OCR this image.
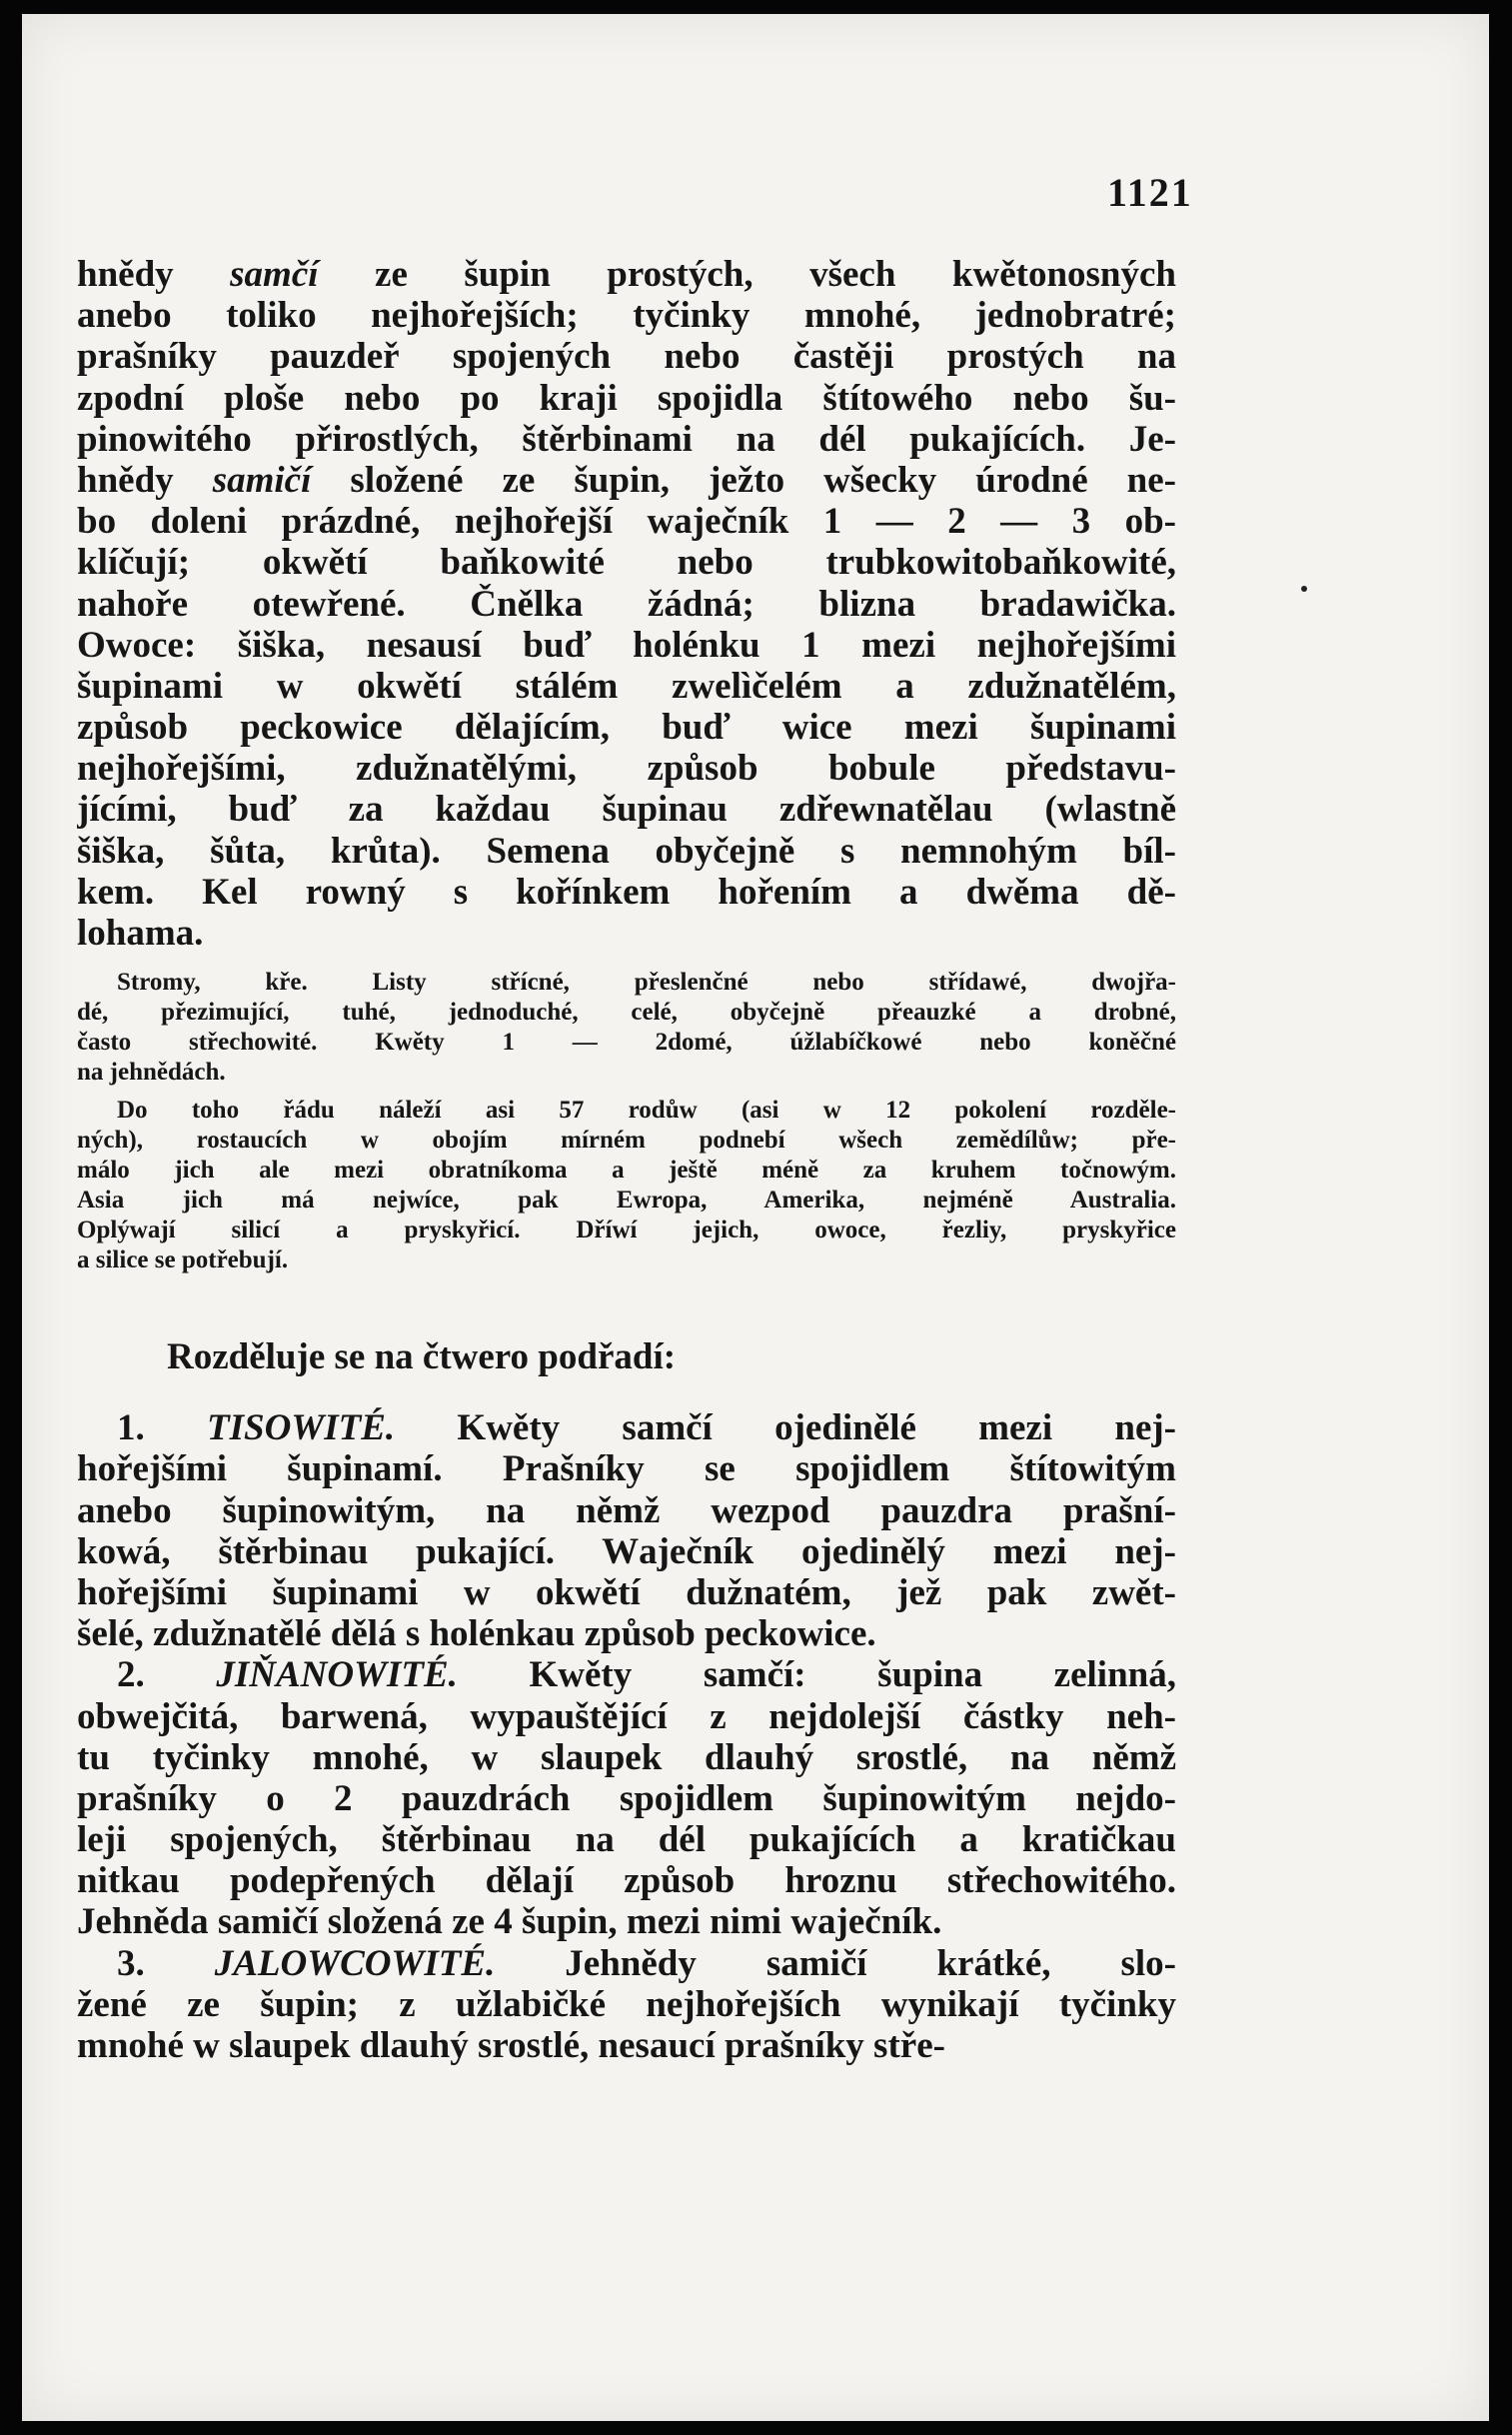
1121
hnědy samčí ze šupin prostých, všech kwětonosných
anebo toliko nejhořejších; tyčinky mnohé, jednobratré;
prašníky pauzdeř spojených nebo častěji prostých na
zpodní ploše nebo po kraji spojidla štítowého nebo šu-
pinowitého přirostlých, štěrbinami na dél pukajících. Je-
hnědy samičí složené ze šupin, ježto wšecky úrodné ne-
bo doleni prázdné, nejhořejší wаječník 1 — 2 — 3 ob-
klíčují; okwětí baňkowité nebo trubkowitobaňkowité,
nahoře otewřené. Čnělka žádná; blizna bradawička.
Owoce: šiška, nesausí buď holénku 1 mezi nejhořejšími
šupinami w okwětí stálém zwelìčelém a zdužnatělém,
způsob peckowice dělajícím, buď wice mezi šupinami
nejhořejšími, zdužnatělými, způsob bobule představu-
jícími, buď za každau šupinau zdřewnatělau (wlastně
šiška, šůta, krůta). Semena obyčejně s nemnohým bíl-
kem. Kel rowný s kořínkem hořením a dwěma dě-
lohama.
Stromy, kře. Listy střícné, přeslenčné nebo střídawé, dwojřa-
dé, přezimující, tuhé, jednoduché, celé, obyčejně přeauzké a drobné,
často střechowité. Kwěty 1 — 2domé, úžlabíčkowé nebo koněčné
na jehnědách.
Do toho řádu náleží asi 57 rodůw (asi w 12 pokolení rozděle-
ných), rostaucích w obojím mírném podnebí wšech zemědílůw; pře-
málo jich ale mezi obratníkoma a ještě méně za kruhem točnowým.
Asia jich má nejwíce, pak Ewropa, Amerika, nejméně Australia.
Oplýwají silicí a pryskyřicí. Dříwí jejich, owoce, řezliy, pryskyřice
a silice se potřebují.
Rozděluje se na čtwero podřadí:
1. TISOWITÉ. Kwěty samčí ojedinělé mezi nej-
hořejšími šupinamí. Prašníky se spojidlem štítowitým
anebo šupinowitým, na němž wezpod pauzdra prašní-
kowá, štěrbinau pukající. Wаječník ojedinělý mezi nej-
hořejšími šupinami w okwětí dužnatém, jež pak zwět-
šelé, zdužnatělé dělá s holénkau způsob peckowice.
2. JIŇANOWITÉ. Kwěty samčí: šupina zelinná,
obwejčitá, barwená, wypauštějící z nejdolejší částky neh-
tu tyčinky mnohé, w slaupek dlauhý srostlé, na němž
prašníky o 2 pauzdrách spojidlem šupinowitým nejdo-
leji spojených, štěrbinau na dél pukajících a kratičkau
nitkau podepřených dělají způsob hroznu střechowitého.
Jehněda samičí složená ze 4 šupin, mezi nimi wаječník.
3. JALOWCOWITÉ. Jehnědy samičí krátké, slo-
žené ze šupin; z užlabičké nejhořejších wynikají tyčinky
mnohé w slaupek dlauhý srostlé, nesaucí prašníky stře-
